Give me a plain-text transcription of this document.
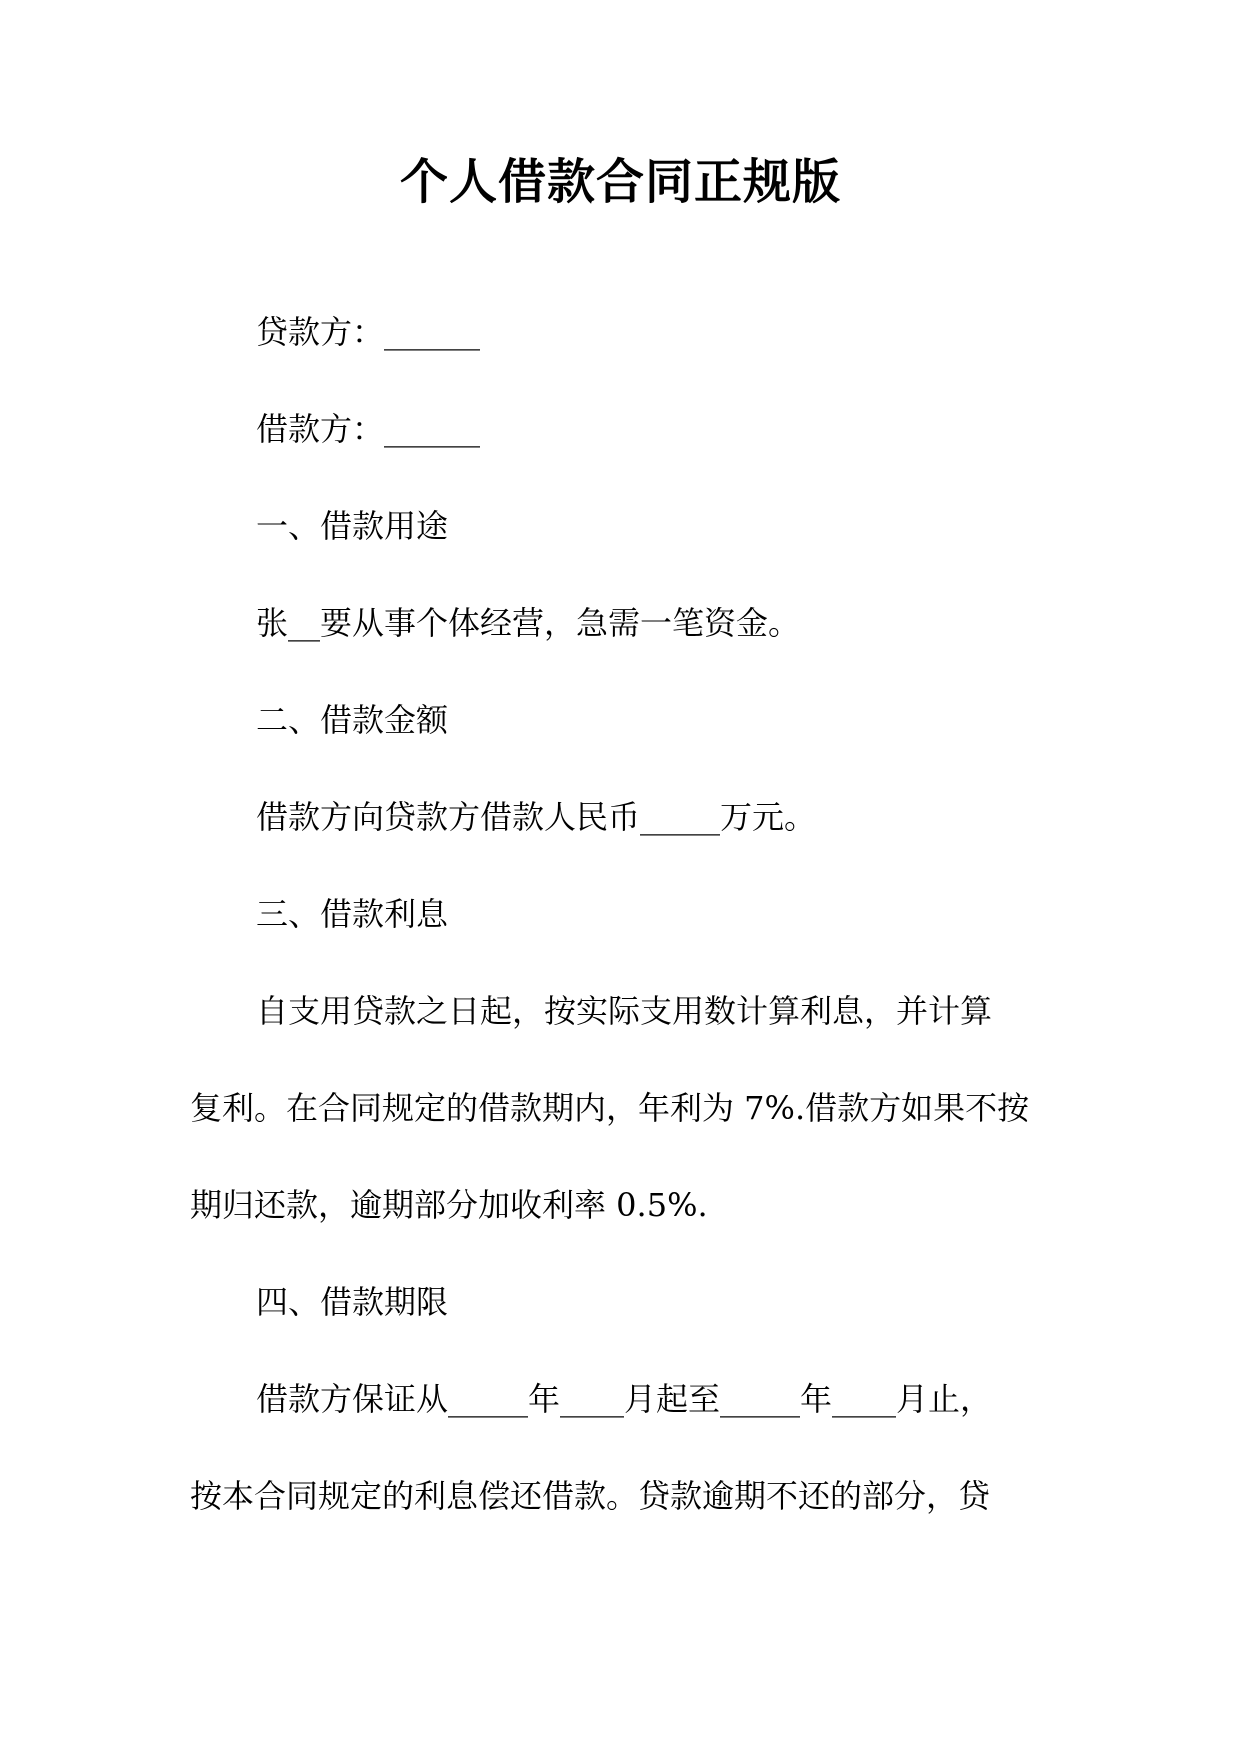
个人借款合同正规版

贷款方：______

借款方：______

一、借款用途

张__要从事个体经营，急需一笔资金。

二、借款金额

借款方向贷款方借款人民币_____万元。

三、借款利息

自支用贷款之日起，按实际支用数计算利息，并计算

复利。在合同规定的借款期内，年利为 7%.借款方如果不按

期归还款，逾期部分加收利率 0.5%.

四、借款期限

借款方保证从_____年____月起至_____年____月止，

按本合同规定的利息偿还借款。贷款逾期不还的部分，贷
